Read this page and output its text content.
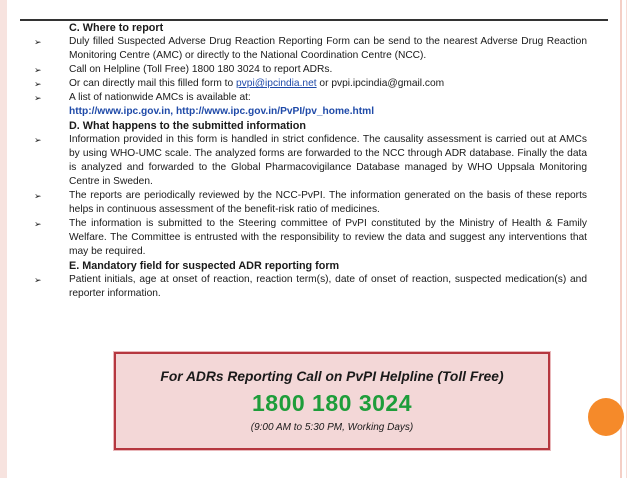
C. Where to report
➢	Duly filled Suspected Adverse Drug Reaction Reporting Form can be send to the nearest Adverse Drug Reaction Monitoring Centre (AMC) or directly to the National Coordination Centre (NCC).
➢	Call on Helpline (Toll Free) 1800 180 3024 to report ADRs.
➢	Or can directly mail this filled form to pvpi@ipcindia.net or pvpi.ipcindia@gmail.com
➢	A list of nationwide AMCs is available at:
http://www.ipc.gov.in, http://www.ipc.gov.in/PvPI/pv_home.html
D. What happens to the submitted information
➢	Information provided in this form is handled in strict confidence. The causality assessment is carried out at AMCs by using WHO-UMC scale. The analyzed forms are forwarded to the NCC through ADR database. Finally the data is analyzed and forwarded to the Global Pharmacovigilance Database managed by WHO Uppsala Monitoring Centre in Sweden.
➢	The reports are periodically reviewed by the NCC-PvPI. The information generated on the basis of these reports helps in continuous assessment of the benefit-risk ratio of medicines.
➢	The information is submitted to the Steering committee of PvPI constituted by the Ministry of Health & Family Welfare. The Committee is entrusted with the responsibility to review the data and suggest any interventions that may be required.
E. Mandatory field for suspected ADR reporting form
➢	Patient initials, age at onset of reaction, reaction term(s), date of onset of reaction, suspected medication(s) and reporter information.
For ADRs Reporting Call on PvPI Helpline (Toll Free)
1800 180 3024
(9:00 AM to 5:30 PM, Working Days)
